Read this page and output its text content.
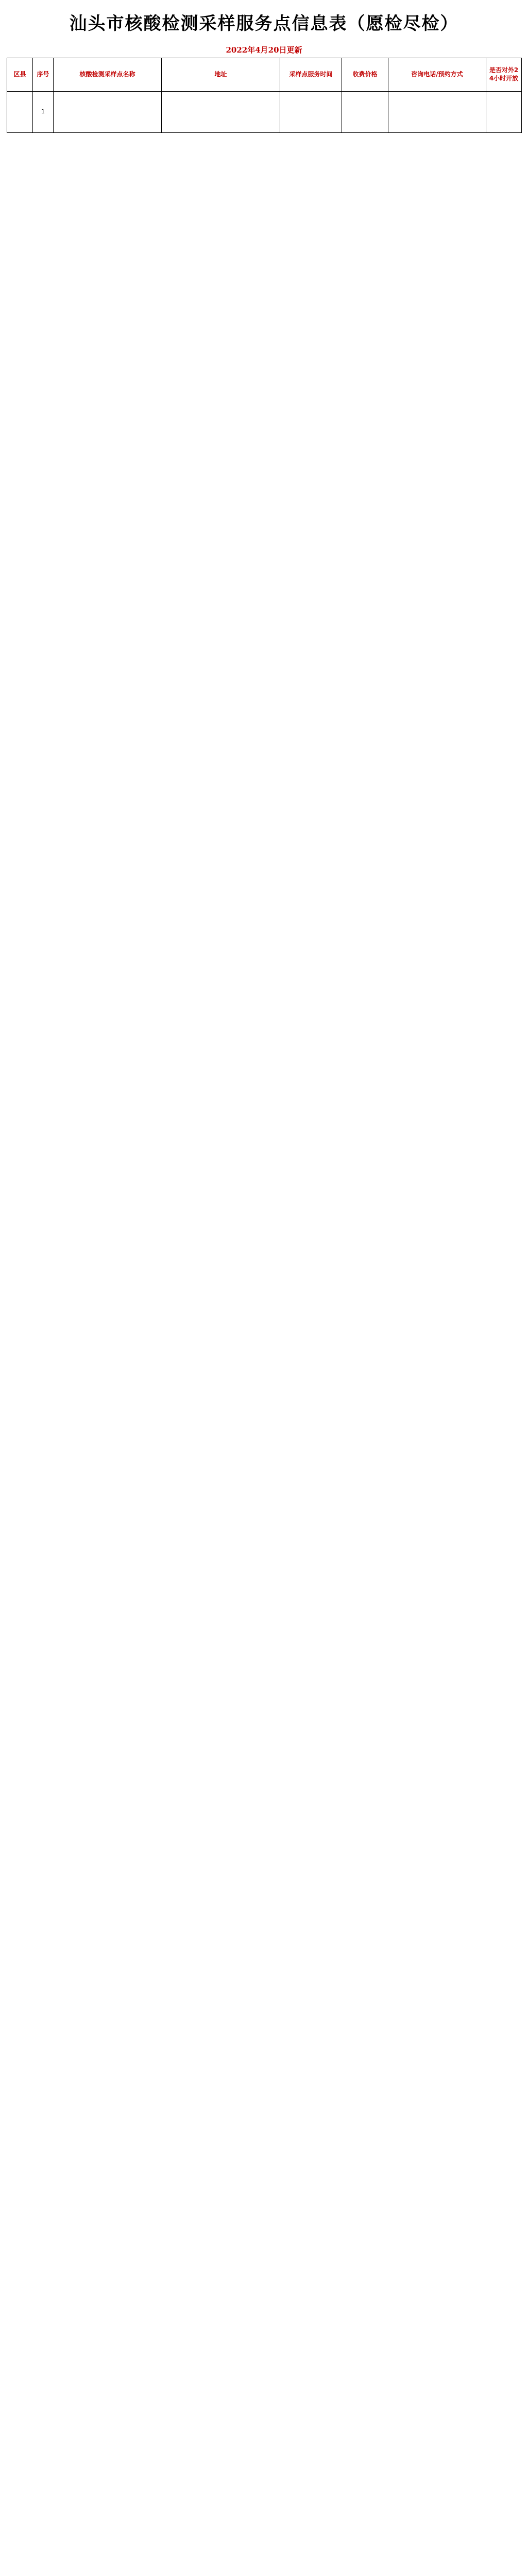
汕头市核酸检测采样服务点信息表（愿检尽检）
2022年4月20日更新
区县	序号	核酸检测采样点名称	地址	采样点服务时间	收费价格	咨询电话/预约方式	是否对外24小时开放
	1	
